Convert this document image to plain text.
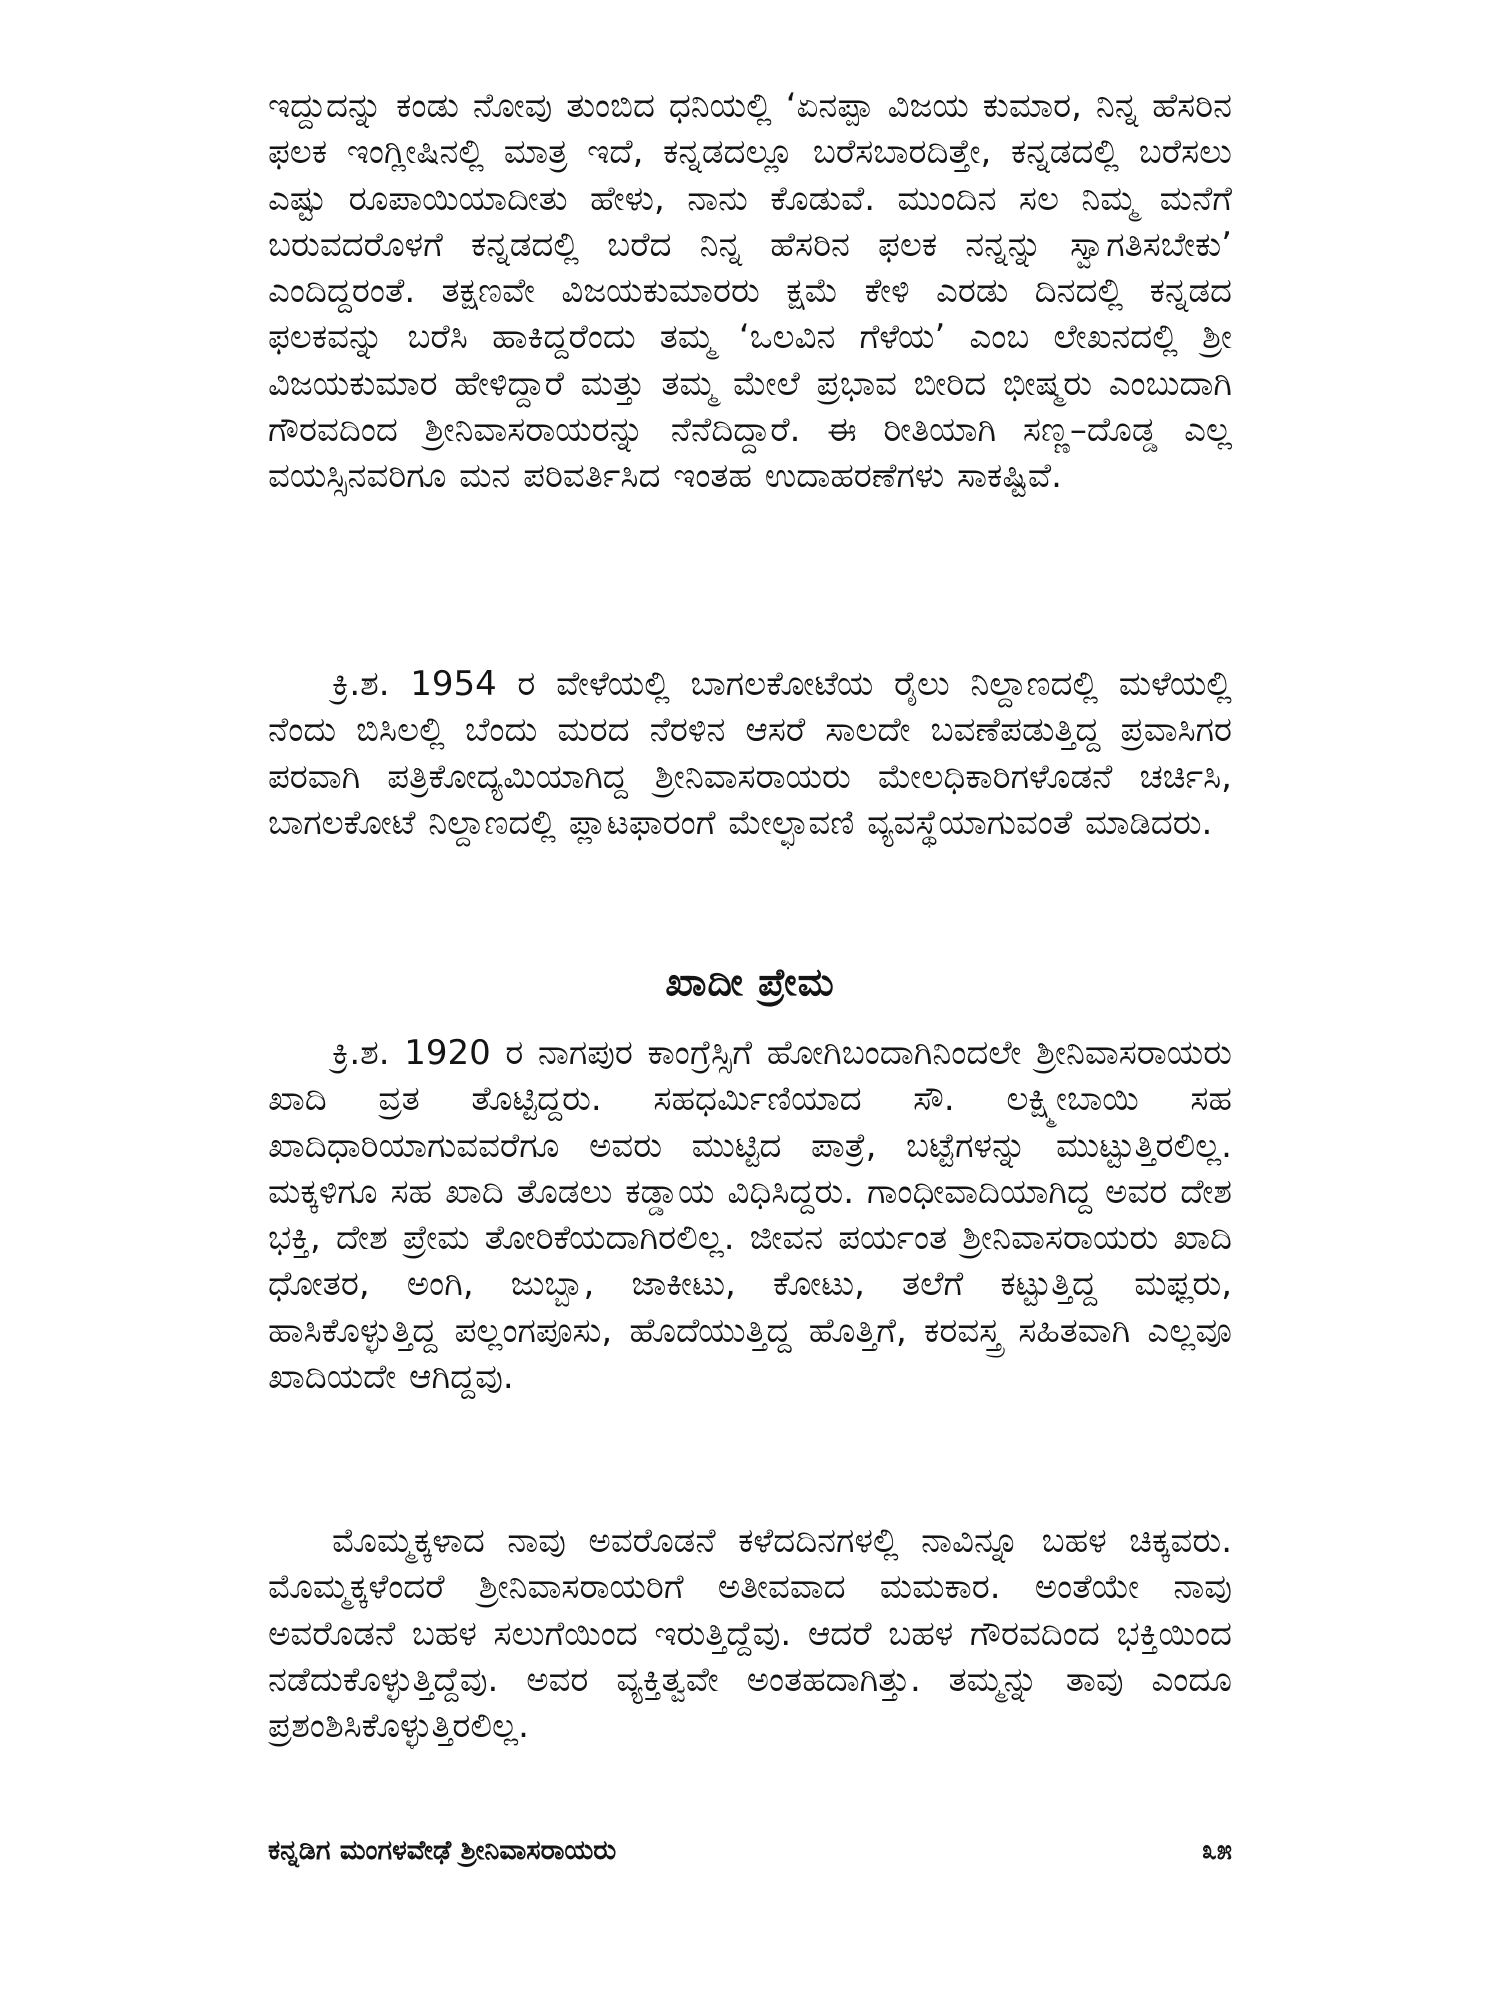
ಇದ್ದುದನ್ನು ಕಂಡು ನೋವು ತುಂಬಿದ ಧನಿಯಲ್ಲಿ ‘ಏನಪ್ಪಾ ವಿಜಯ ಕುಮಾರ, ನಿನ್ನ ಹೆಸರಿನ ಫಲಕ ಇಂಗ್ಲೀಷಿನಲ್ಲಿ ಮಾತ್ರ ಇದೆ, ಕನ್ನಡದಲ್ಲೂ ಬರೆಸಬಾರದಿತ್ತೇ, ಕನ್ನಡದಲ್ಲಿ ಬರೆಸಲು ಎಷ್ಟು ರೂಪಾಯಿಯಾದೀತು ಹೇಳು, ನಾನು ಕೊಡುವೆ. ಮುಂದಿನ ಸಲ ನಿಮ್ಮ ಮನೆಗೆ ಬರುವದರೊಳಗೆ ಕನ್ನಡದಲ್ಲಿ ಬರೆದ ನಿನ್ನ ಹೆಸರಿನ ಫಲಕ ನನ್ನನ್ನು ಸ್ವಾಗತಿಸಬೇಕು’ ಎಂದಿದ್ದರಂತೆ. ತಕ್ಷಣವೇ ವಿಜಯಕುಮಾರರು ಕ್ಷಮೆ ಕೇಳಿ ಎರಡು ದಿನದಲ್ಲಿ ಕನ್ನಡದ ಫಲಕವನ್ನು ಬರೆಸಿ ಹಾಕಿದ್ದರೆಂದು ತಮ್ಮ ‘ಒಲವಿನ ಗೆಳೆಯ’ ಎಂಬ ಲೇಖನದಲ್ಲಿ ಶ್ರೀ ವಿಜಯಕುಮಾರ ಹೇಳಿದ್ದಾರೆ ಮತ್ತು ತಮ್ಮ ಮೇಲೆ ಪ್ರಭಾವ ಬೀರಿದ ಭೀಷ್ಮರು ಎಂಬುದಾಗಿ ಗೌರವದಿಂದ ಶ್ರೀನಿವಾಸರಾಯರನ್ನು ನೆನೆದಿದ್ದಾರೆ. ಈ ರೀತಿಯಾಗಿ ಸಣ್ಣ–ದೊಡ್ಡ ಎಲ್ಲ ವಯಸ್ಸಿನವರಿಗೂ ಮನ ಪರಿವರ್ತಿಸಿದ ಇಂತಹ ಉದಾಹರಣೆಗಳು ಸಾಕಷ್ಟಿವೆ.

ಕ್ರಿ.ಶ. 1954 ರ ವೇಳೆಯಲ್ಲಿ ಬಾಗಲಕೋಟೆಯ ರೈಲು ನಿಲ್ದಾಣದಲ್ಲಿ ಮಳೆಯಲ್ಲಿ ನೆಂದು ಬಿಸಿಲಲ್ಲಿ ಬೆಂದು ಮರದ ನೆರಳಿನ ಆಸರೆ ಸಾಲದೇ ಬವಣೆಪಡುತ್ತಿದ್ದ ಪ್ರವಾಸಿಗರ ಪರವಾಗಿ ಪತ್ರಿಕೋದ್ಯಮಿಯಾಗಿದ್ದ ಶ್ರೀನಿವಾಸರಾಯರು ಮೇಲಧಿಕಾರಿಗಳೊಡನೆ ಚರ್ಚಿಸಿ, ಬಾಗಲಕೋಟೆ ನಿಲ್ದಾಣದಲ್ಲಿ ಪ್ಲಾಟಫಾರಂಗೆ ಮೇಲ್ಛಾವಣಿ ವ್ಯವಸ್ಥೆಯಾಗುವಂತೆ ಮಾಡಿದರು.

ಖಾದೀ ಪ್ರೇಮ

ಕ್ರಿ.ಶ. 1920 ರ ನಾಗಪುರ ಕಾಂಗ್ರೆಸ್ಸಿಗೆ ಹೋಗಿಬಂದಾಗಿನಿಂದಲೇ ಶ್ರೀನಿವಾಸರಾಯರು ಖಾದಿ ವ್ರತ ತೊಟ್ಟಿದ್ದರು. ಸಹಧರ್ಮಿಣಿಯಾದ ಸೌ. ಲಕ್ಷ್ಮೀಬಾಯಿ ಸಹ ಖಾದಿಧಾರಿಯಾಗುವವರೆಗೂ ಅವರು ಮುಟ್ಟಿದ ಪಾತ್ರೆ, ಬಟ್ಟೆಗಳನ್ನು ಮುಟ್ಟುತ್ತಿರಲಿಲ್ಲ. ಮಕ್ಕಳಿಗೂ ಸಹ ಖಾದಿ ತೊಡಲು ಕಡ್ಡಾಯ ವಿಧಿಸಿದ್ದರು. ಗಾಂಧೀವಾದಿಯಾಗಿದ್ದ ಅವರ ದೇಶ ಭಕ್ತಿ, ದೇಶ ಪ್ರೇಮ ತೋರಿಕೆಯದಾಗಿರಲಿಲ್ಲ. ಜೀವನ ಪರ್ಯಂತ ಶ್ರೀನಿವಾಸರಾಯರು ಖಾದಿ ಧೋತರ, ಅಂಗಿ, ಜುಬ್ಬಾ, ಜಾಕೀಟು, ಕೋಟು, ತಲೆಗೆ ಕಟ್ಟುತ್ತಿದ್ದ ಮಫ್ಲರು, ಹಾಸಿಕೊಳ್ಳುತ್ತಿದ್ದ ಪಲ್ಲಂಗಪೂಸು, ಹೊದೆಯುತ್ತಿದ್ದ ಹೊತ್ತಿಗೆ, ಕರವಸ್ತ್ರ ಸಹಿತವಾಗಿ ಎಲ್ಲವೂ ಖಾದಿಯದೇ ಆಗಿದ್ದವು.

ಮೊಮ್ಮಕ್ಕಳಾದ ನಾವು ಅವರೊಡನೆ ಕಳೆದದಿನಗಳಲ್ಲಿ ನಾವಿನ್ನೂ ಬಹಳ ಚಿಕ್ಕವರು. ಮೊಮ್ಮಕ್ಕಳೆಂದರೆ ಶ್ರೀನಿವಾಸರಾಯರಿಗೆ ಅತೀವವಾದ ಮಮಕಾರ. ಅಂತೆಯೇ ನಾವು ಅವರೊಡನೆ ಬಹಳ ಸಲುಗೆಯಿಂದ ಇರುತ್ತಿದ್ದೆವು. ಆದರೆ ಬಹಳ ಗೌರವದಿಂದ ಭಕ್ತಿಯಿಂದ ನಡೆದುಕೊಳ್ಳುತ್ತಿದ್ದೆವು. ಅವರ ವ್ಯಕ್ತಿತ್ವವೇ ಅಂತಹದಾಗಿತ್ತು. ತಮ್ಮನ್ನು ತಾವು ಎಂದೂ ಪ್ರಶಂಶಿಸಿಕೊಳ್ಳುತ್ತಿರಲಿಲ್ಲ.

ಕನ್ನಡಿಗ ಮಂಗಳವೇಢೆ ಶ್ರೀನಿವಾಸರಾಯರು	೩೫
